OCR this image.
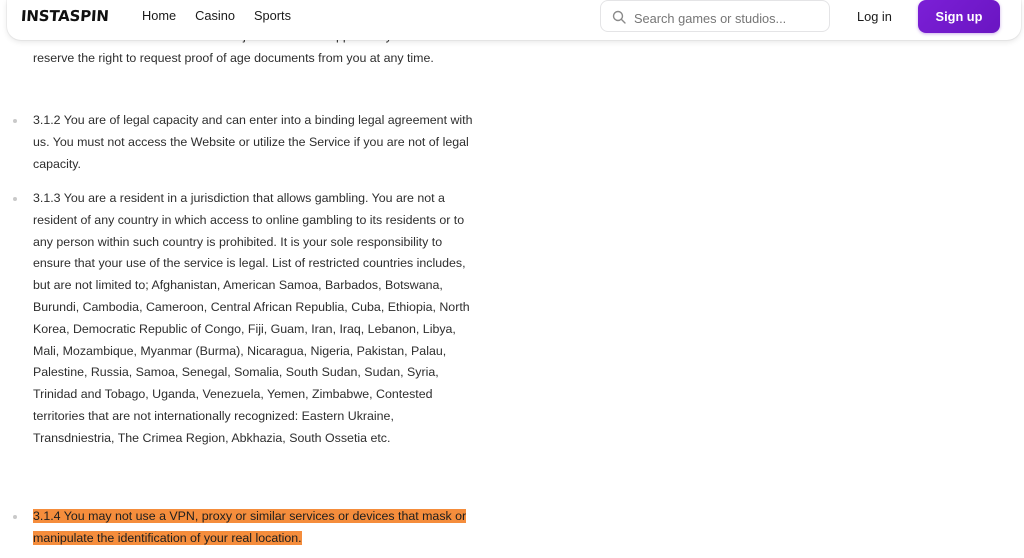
reserve the right to request proof of age documents from you at any time.
3.1.2 You are of legal capacity and can enter into a binding legal agreement with us. You must not access the Website or utilize the Service if you are not of legal capacity.
3.1.3 You are a resident in a jurisdiction that allows gambling. You are not a resident of any country in which access to online gambling to its residents or to any person within such country is prohibited. It is your sole responsibility to ensure that your use of the service is legal. List of restricted countries includes, but are not limited to; Afghanistan, American Samoa, Barbados, Botswana, Burundi, Cambodia, Cameroon, Central African Republia, Cuba, Ethiopia, North Korea, Democratic Republic of Congo, Fiji, Guam, Iran, Iraq, Lebanon, Libya, Mali, Mozambique, Myanmar (Burma), Nicaragua, Nigeria, Pakistan, Palau, Palestine, Russia, Samoa, Senegal, Somalia, South Sudan, Sudan, Syria, Trinidad and Tobago, Uganda, Venezuela, Yemen, Zimbabwe, Contested territories that are not internationally recognized: Eastern Ukraine, Transdniestria, The Crimea Region, Abkhazia, South Ossetia etc.
3.1.4 You may not use a VPN, proxy or similar services or devices that mask or manipulate the identification of your real location.
INSTASPIN	Home Casino Sports
Search games or studios...	Log in	Sign up
